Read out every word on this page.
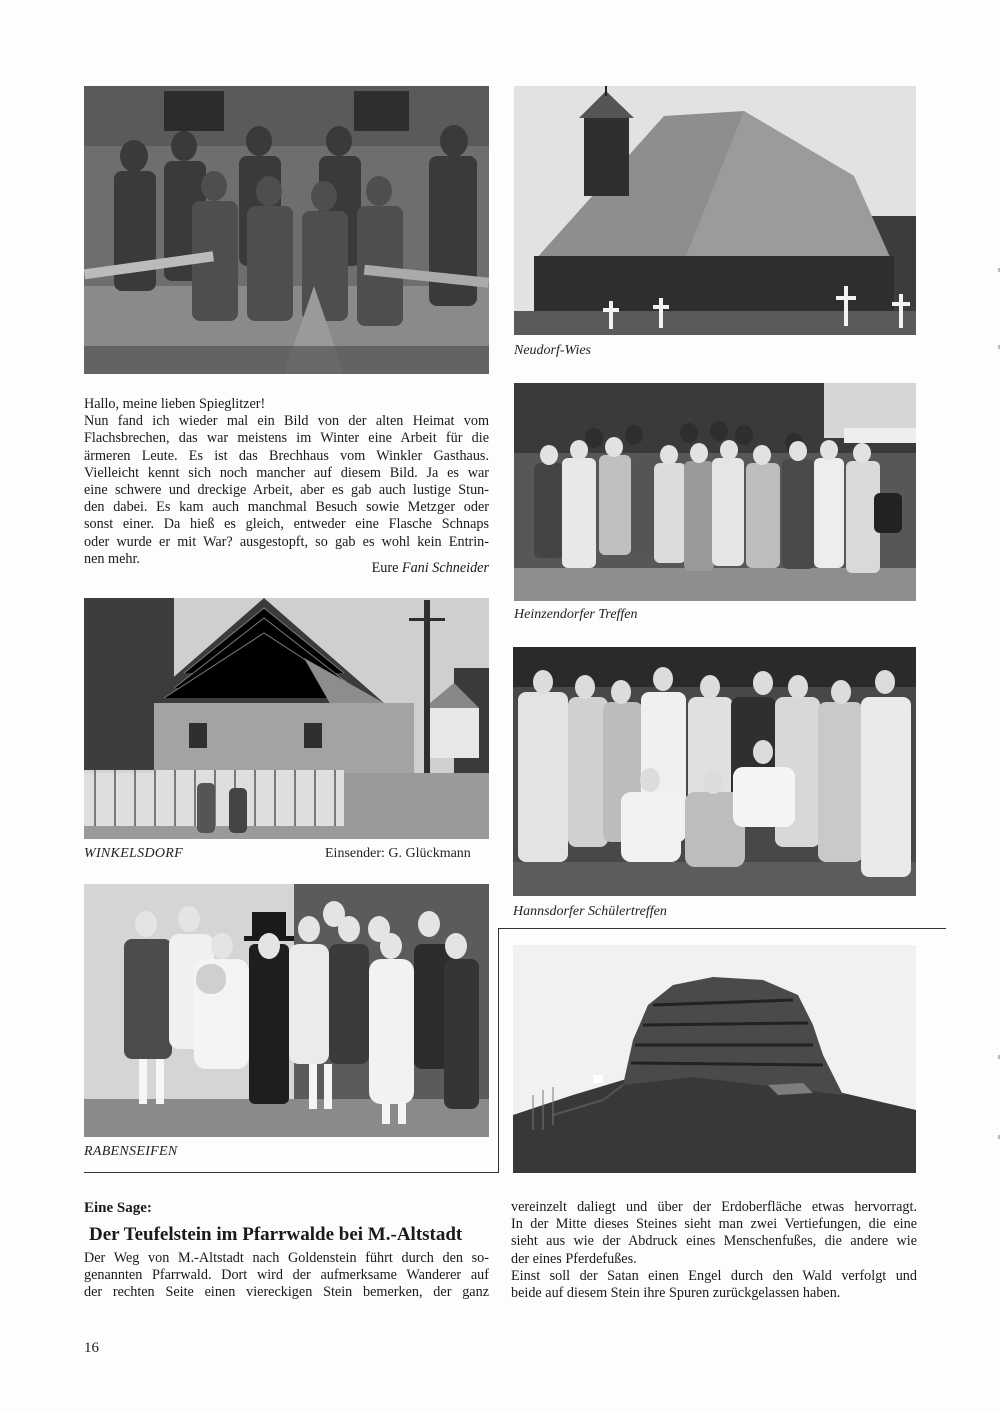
Neudorf-Wies
Hallo, meine lieben Spieglitzer!
Nun fand ich wieder mal ein Bild von der alten Heimat vom
Flachsbrechen, das war meistens im Winter eine Arbeit für die
ärmeren Leute. Es ist das Brechhaus vom Winkler Gasthaus.
Vielleicht kennt sich noch mancher auf diesem Bild. Ja es war
eine schwere und dreckige Arbeit, aber es gab auch lustige Stun-
den dabei. Es kam auch manchmal Besuch sowie Metzger oder
sonst einer. Da hieß es gleich, entweder eine Flasche Schnaps
oder wurde er mit War? ausgestopft, so gab es wohl kein Entrin-
nen mehr.
Eure Fani Schneider
Heinzendorfer Treffen
WINKELSDORF	Einsender: G. Glückmann
Hannsdorfer Schülertreffen
RABENSEIFEN
Eine Sage:
Der Teufelstein im Pfarrwalde bei M.-Altstadt
Der Weg von M.-Altstadt nach Goldenstein führt durch den so-
genannten Pfarrwald. Dort wird der aufmerksame Wanderer auf
der rechten Seite einen viereckigen Stein bemerken, der ganz
vereinzelt daliegt und über der Erdoberfläche etwas hervorragt.
In der Mitte dieses Steines sieht man zwei Vertiefungen, die eine
sieht aus wie der Abdruck eines Menschenfußes, die andere wie
der eines Pferdefußes.
Einst soll der Satan einen Engel durch den Wald verfolgt und
beide auf diesem Stein ihre Spuren zurückgelassen haben.
16
